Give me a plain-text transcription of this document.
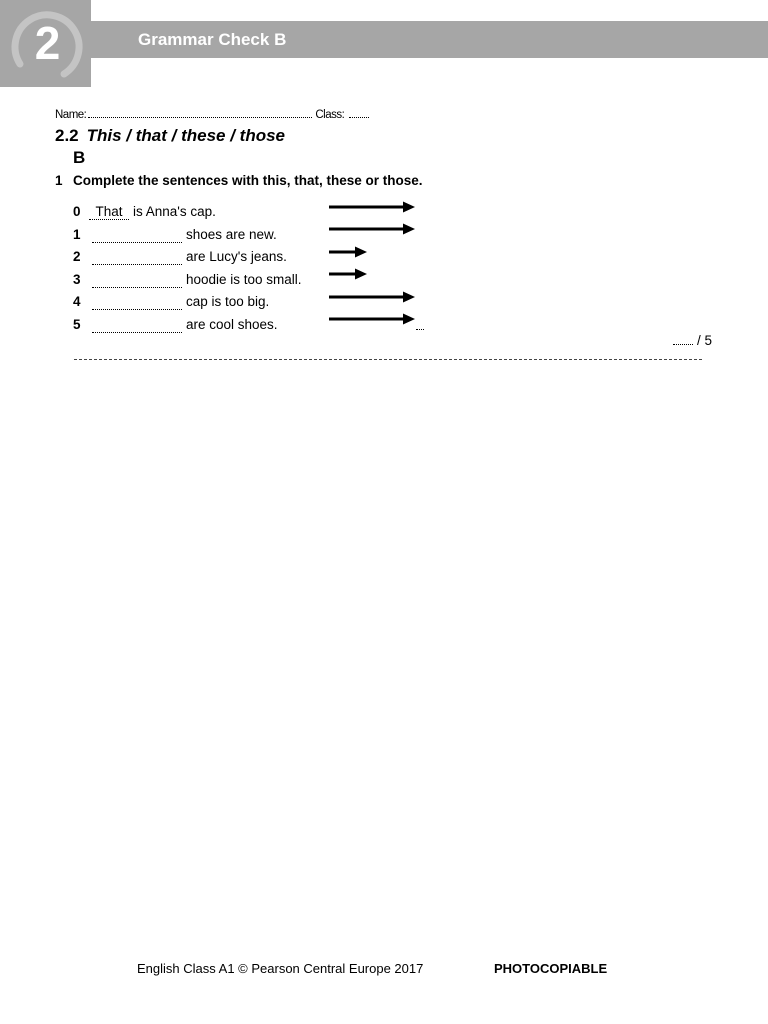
2	Grammar Check B
Name:	Class:
2.2 This / that / these / those
B
1 Complete the sentences with this, that, these or those.
0	That is Anna's cap.
1	shoes are new.
2	are Lucy's jeans.
3	hoodie is too small.
4	cap is too big.
5	are cool shoes.
/ 5
English Class A1 © Pearson Central Europe 2017	PHOTOCOPIABLE
